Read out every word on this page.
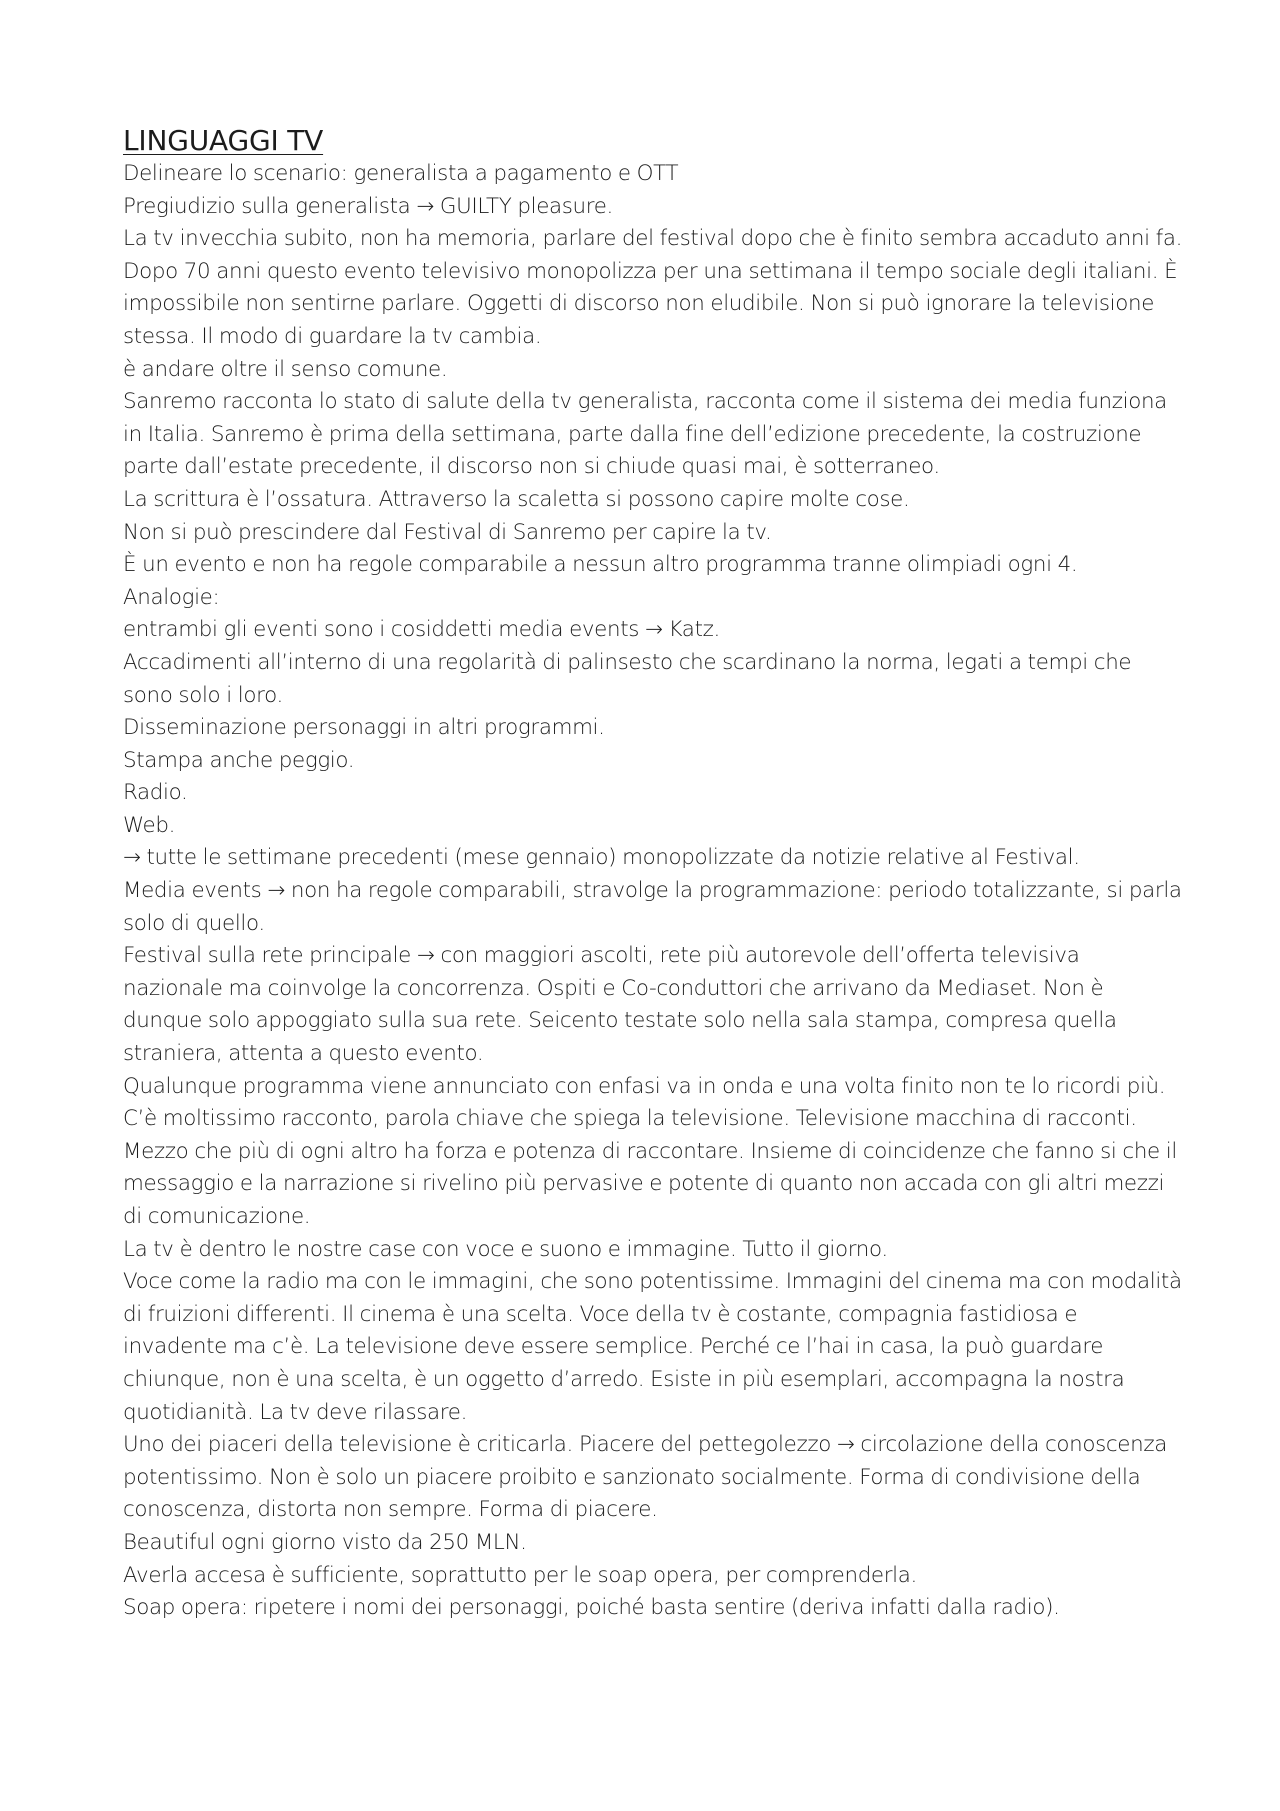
LINGUAGGI TV

Delineare lo scenario: generalista a pagamento e OTT

Pregiudizio sulla generalista → GUILTY pleasure.

La tv invecchia subito, non ha memoria, parlare del festival dopo che è finito sembra accaduto anni fa. Dopo 70 anni questo evento televisivo monopolizza per una settimana il tempo sociale degli italiani. È impossibile non sentirne parlare. Oggetti di discorso non eludibile. Non si può ignorare la televisione stessa. Il modo di guardare la tv cambia.

è andare oltre il senso comune.

Sanremo racconta lo stato di salute della tv generalista, racconta come il sistema dei media funziona in Italia. Sanremo è prima della settimana, parte dalla fine dell’edizione precedente, la costruzione parte dall’estate precedente, il discorso non si chiude quasi mai, è sotterraneo.

La scrittura è l’ossatura. Attraverso la scaletta si possono capire molte cose.

Non si può prescindere dal Festival di Sanremo per capire la tv.

È un evento e non ha regole comparabile a nessun altro programma tranne olimpiadi ogni 4.

Analogie:

entrambi gli eventi sono i cosiddetti media events → Katz.

Accadimenti all’interno di una regolarità di palinsesto che scardinano la norma, legati a tempi che sono solo i loro.

Disseminazione personaggi in altri programmi.

Stampa anche peggio.

Radio.

Web.

→ tutte le settimane precedenti (mese gennaio) monopolizzate da notizie relative al Festival.

Media events → non ha regole comparabili, stravolge la programmazione: periodo totalizzante, si parla solo di quello.

Festival sulla rete principale → con maggiori ascolti, rete più autorevole dell’offerta televisiva nazionale ma coinvolge la concorrenza. Ospiti e Co-conduttori che arrivano da Mediaset. Non è dunque solo appoggiato sulla sua rete. Seicento testate solo nella sala stampa, compresa quella straniera, attenta a questo evento.

Qualunque programma viene annunciato con enfasi va in onda e una volta finito non te lo ricordi più.

C’è moltissimo racconto, parola chiave che spiega la televisione. Televisione macchina di racconti. Mezzo che più di ogni altro ha forza e potenza di raccontare. Insieme di coincidenze che fanno si che il messaggio e la narrazione si rivelino più pervasive e potente di quanto non accada con gli altri mezzi di comunicazione.

La tv è dentro le nostre case con voce e suono e immagine. Tutto il giorno.

Voce come la radio ma con le immagini, che sono potentissime. Immagini del cinema ma con modalità di fruizioni differenti. Il cinema è una scelta. Voce della tv è costante, compagnia fastidiosa e invadente ma c’è. La televisione deve essere semplice. Perché ce l’hai in casa, la può guardare chiunque, non è una scelta, è un oggetto d’arredo. Esiste in più esemplari, accompagna la nostra quotidianità. La tv deve rilassare.

Uno dei piaceri della televisione è criticarla. Piacere del pettegolezzo → circolazione della conoscenza potentissimo. Non è solo un piacere proibito e sanzionato socialmente. Forma di condivisione della conoscenza, distorta non sempre. Forma di piacere.

Beautiful ogni giorno visto da 250 MLN.

Averla accesa è sufficiente, soprattutto per le soap opera, per comprenderla.

Soap opera: ripetere i nomi dei personaggi, poiché basta sentire (deriva infatti dalla radio).
